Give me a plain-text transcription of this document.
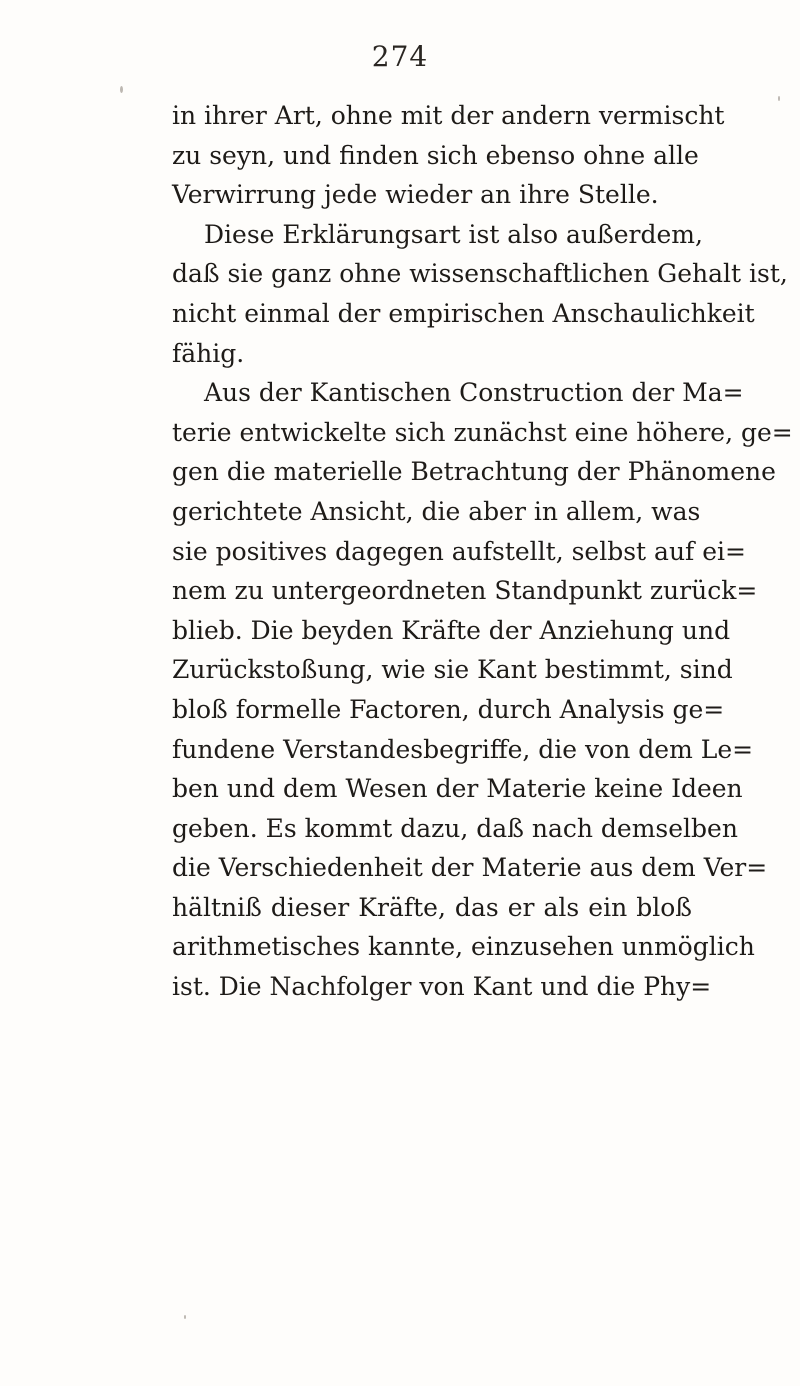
274
in ihrer Art, ohne mit der andern vermischt
zu seyn, und finden sich ebenso ohne alle
Verwirrung jede wieder an ihre Stelle.
Diese Erklärungsart ist also außerdem,
daß sie ganz ohne wissenschaftlichen Gehalt ist,
nicht einmal der empirischen Anschaulichkeit
fähig.
Aus der Kantischen Construction der Ma=
terie entwickelte sich zunächst eine höhere, ge=
gen die materielle Betrachtung der Phänomene
gerichtete Ansicht, die aber in allem, was
sie positives dagegen aufstellt, selbst auf ei=
nem zu untergeordneten Standpunkt zurück=
blieb. Die beyden Kräfte der Anziehung und
Zurückstoßung, wie sie Kant bestimmt, sind
bloß formelle Factoren, durch Analysis ge=
fundene Verstandesbegriffe, die von dem Le=
ben und dem Wesen der Materie keine Ideen
geben. Es kommt dazu, daß nach demselben
die Verschiedenheit der Materie aus dem Ver=
hältniß dieser Kräfte, das er als ein bloß
arithmetisches kannte, einzusehen unmöglich
ist. Die Nachfolger von Kant und die Phy=
